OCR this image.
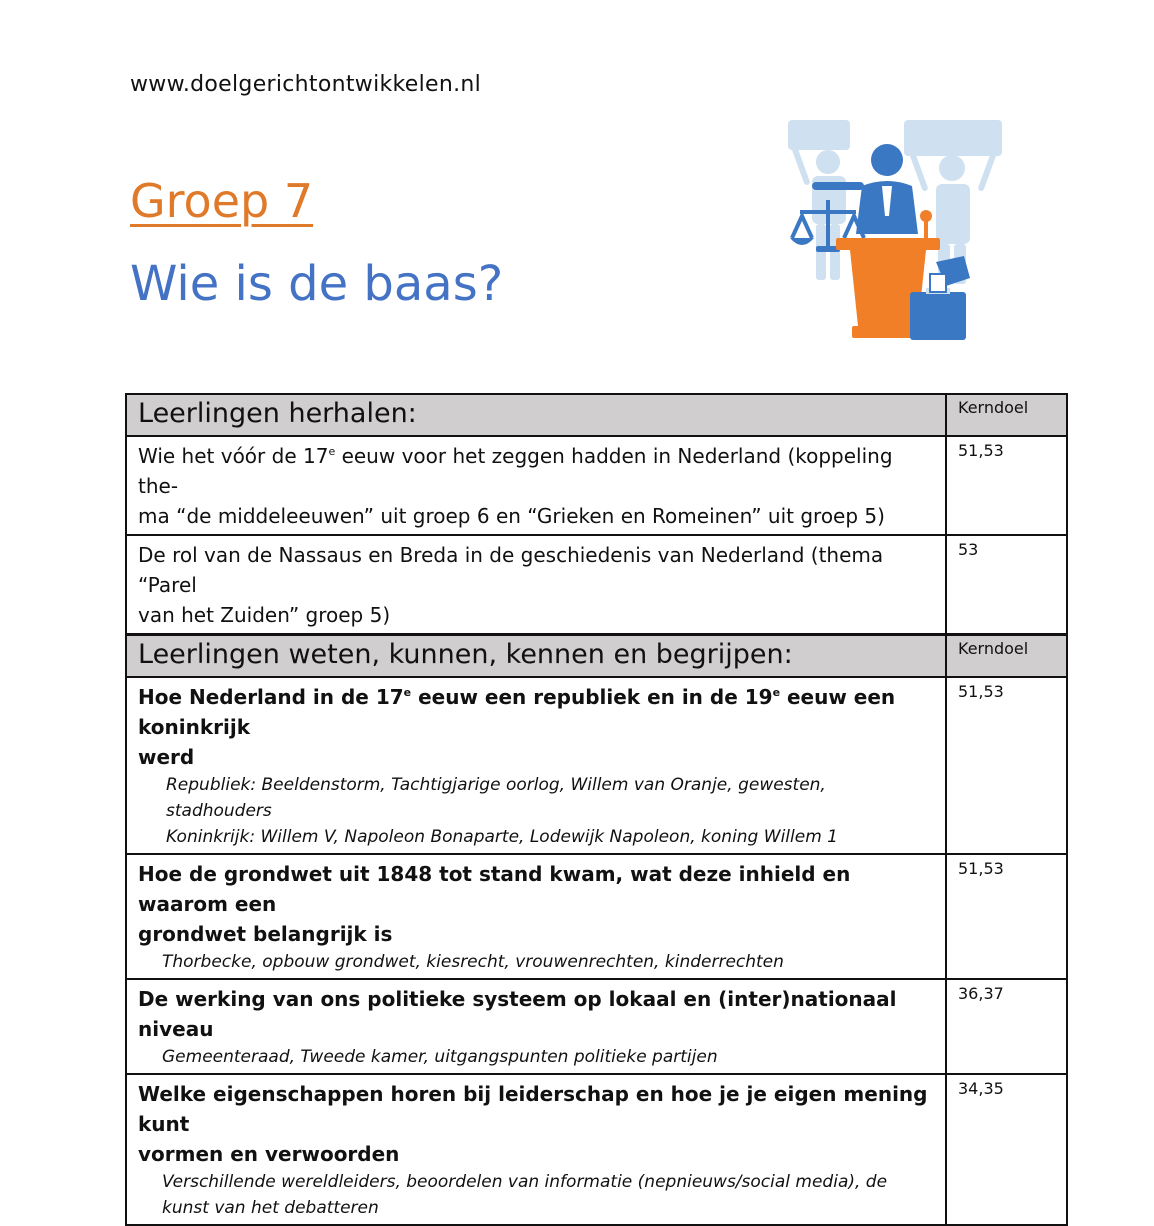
www.doelgerichtontwikkelen.nl
Groep 7
Wie is de baas?
Leerlingen herhalen:	Kerndoel
Wie het vóór de 17e eeuw voor het zeggen hadden in Nederland (koppeling the-
ma “de middeleeuwen” uit groep 6 en “Grieken en Romeinen” uit groep 5)	51,53
De rol van de Nassaus en Breda in de geschiedenis van Nederland (thema “Parel
van het Zuiden” groep 5)	53
Leerlingen weten, kunnen, kennen en begrijpen:	Kerndoel

Hoe Nederland in de 17e eeuw een republiek en in de 19e eeuw een koninkrijk
werd
Republiek: Beeldenstorm, Tachtigjarige oorlog, Willem van Oranje, gewesten, stadhouders
Koninkrijk: Willem V, Napoleon Bonaparte, Lodewijk Napoleon, koning Willem 1	51,53

Hoe de grondwet uit 1848 tot stand kwam, wat deze inhield en waarom een
grondwet belangrijk is
Thorbecke, opbouw grondwet, kiesrecht, vrouwenrechten, kinderrechten	51,53

De werking van ons politieke systeem op lokaal en (inter)nationaal niveau
Gemeenteraad, Tweede kamer, uitgangspunten politieke partijen	36,37

Welke eigenschappen horen bij leiderschap en hoe je je eigen mening kunt
vormen en verwoorden
Verschillende wereldleiders, beoordelen van informatie (nepnieuws/social media), de
kunst van het debatteren	34,35
